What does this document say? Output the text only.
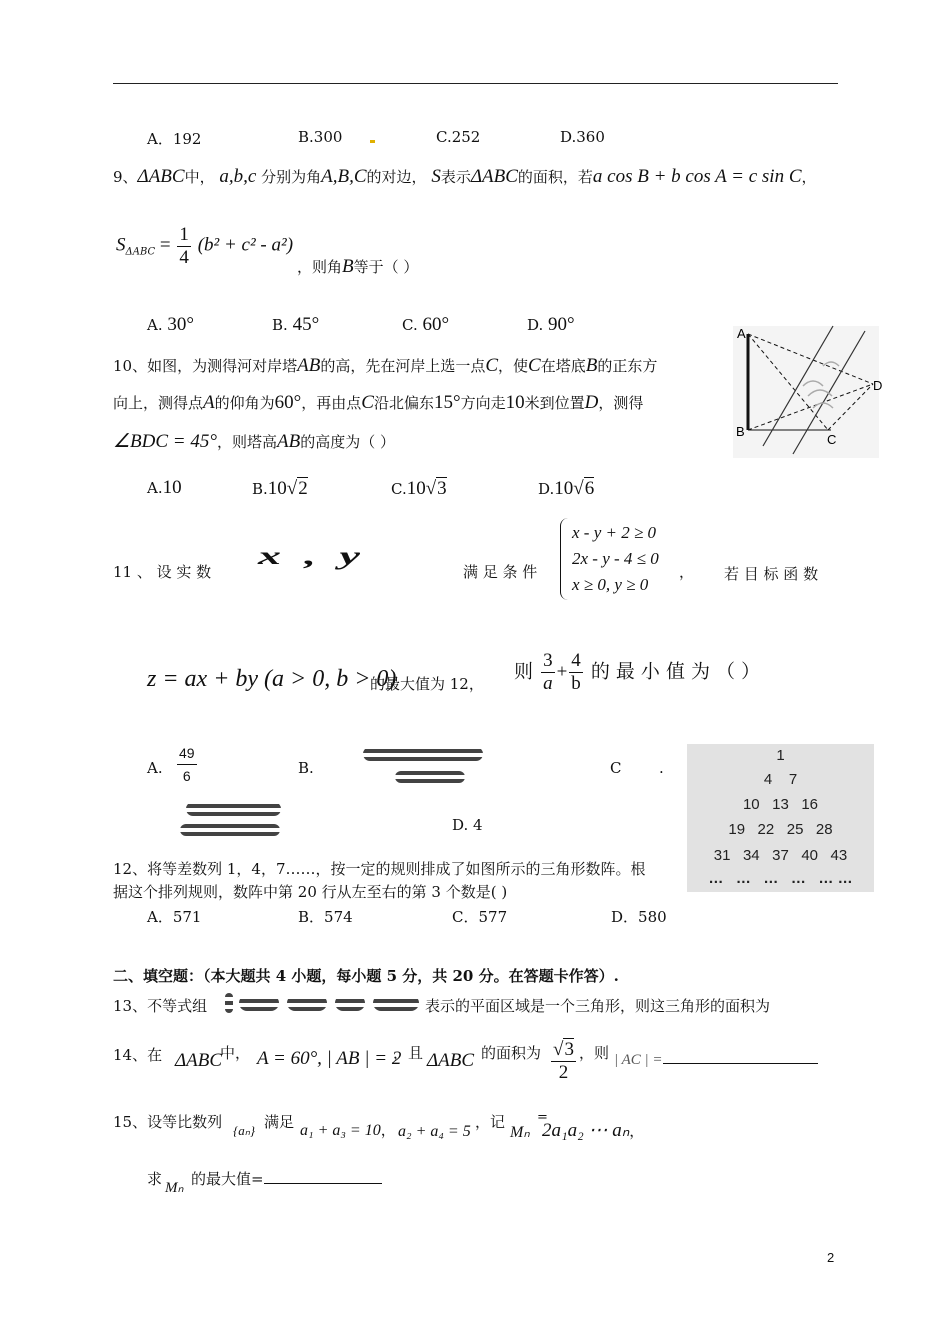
A．192	B.300	C.252	D.360
9、ΔABC中， a,b,c 分别为角A,B,C的对边， S表示ΔABC的面积，若a cos B + b cos A = c sin C，
$S_{\Delta ABC} = \frac{1}{4} (b^2 + c^2 - a^2)$
，则角B等于（ ）
A. 30°	B. 45°	C. 60°	D. 90°
10、如图，为测得河对岸塔AB的高，先在河岸上选一点C，使C在塔底B的正东方
向上，测得点A的仰角为60°，再由点C沿北偏东15°方向走10米到位置D，测得
∠BDC = 45°，则塔高AB的高度为（ ）
A
B
C
D
A.10	B.10√2	C.10√3	D.10√6
11 、 设 实 数
x , y
满 足 条 件
x - y + 2 ≥ 0
2x - y - 4 ≤ 0
x ≥ 0, y ≥ 0
， 若 目 标 函 数
z = ax + by (a > 0, b > 0)
的最大值为 12，
则 $\frac{3}{a} + \frac{4}{b}$ 的 最 小 值 为 （ ）
A. $\frac{49}{6}$	B.	C	.
D. 4
1
4    7
10   13   16
19   22   25   28
31   34   37   40   43
…   …   …   …   … …
12、将等差数列 1，4，7……，按一定的规则排成了如图所示的三角形数阵。根
据这个排列规则，数阵中第 20 行从左至右的第 3 个数是( )
A．571	B．574	C．577	D．580
二、填空题：（本大题共 4 小题，每小题 5 分，共 20 分。在答题卡作答）.
13、不等式组	表示的平面区域是一个三角形，则这三角形的面积为
14、在 ΔABC
中， A = 60°, | AB | = 2
，且 ΔABC 的面积为 $\frac{√3}{2}$ ，则 | AC | =
15、设等比数列 {aₙ} 满足 a₁ + a₃ = 10， a₂ + a₄ = 5
，记
Mₙ
=
2a₁a₂ ⋯ aₙ，
求 Mₙ 的最大值=
2
